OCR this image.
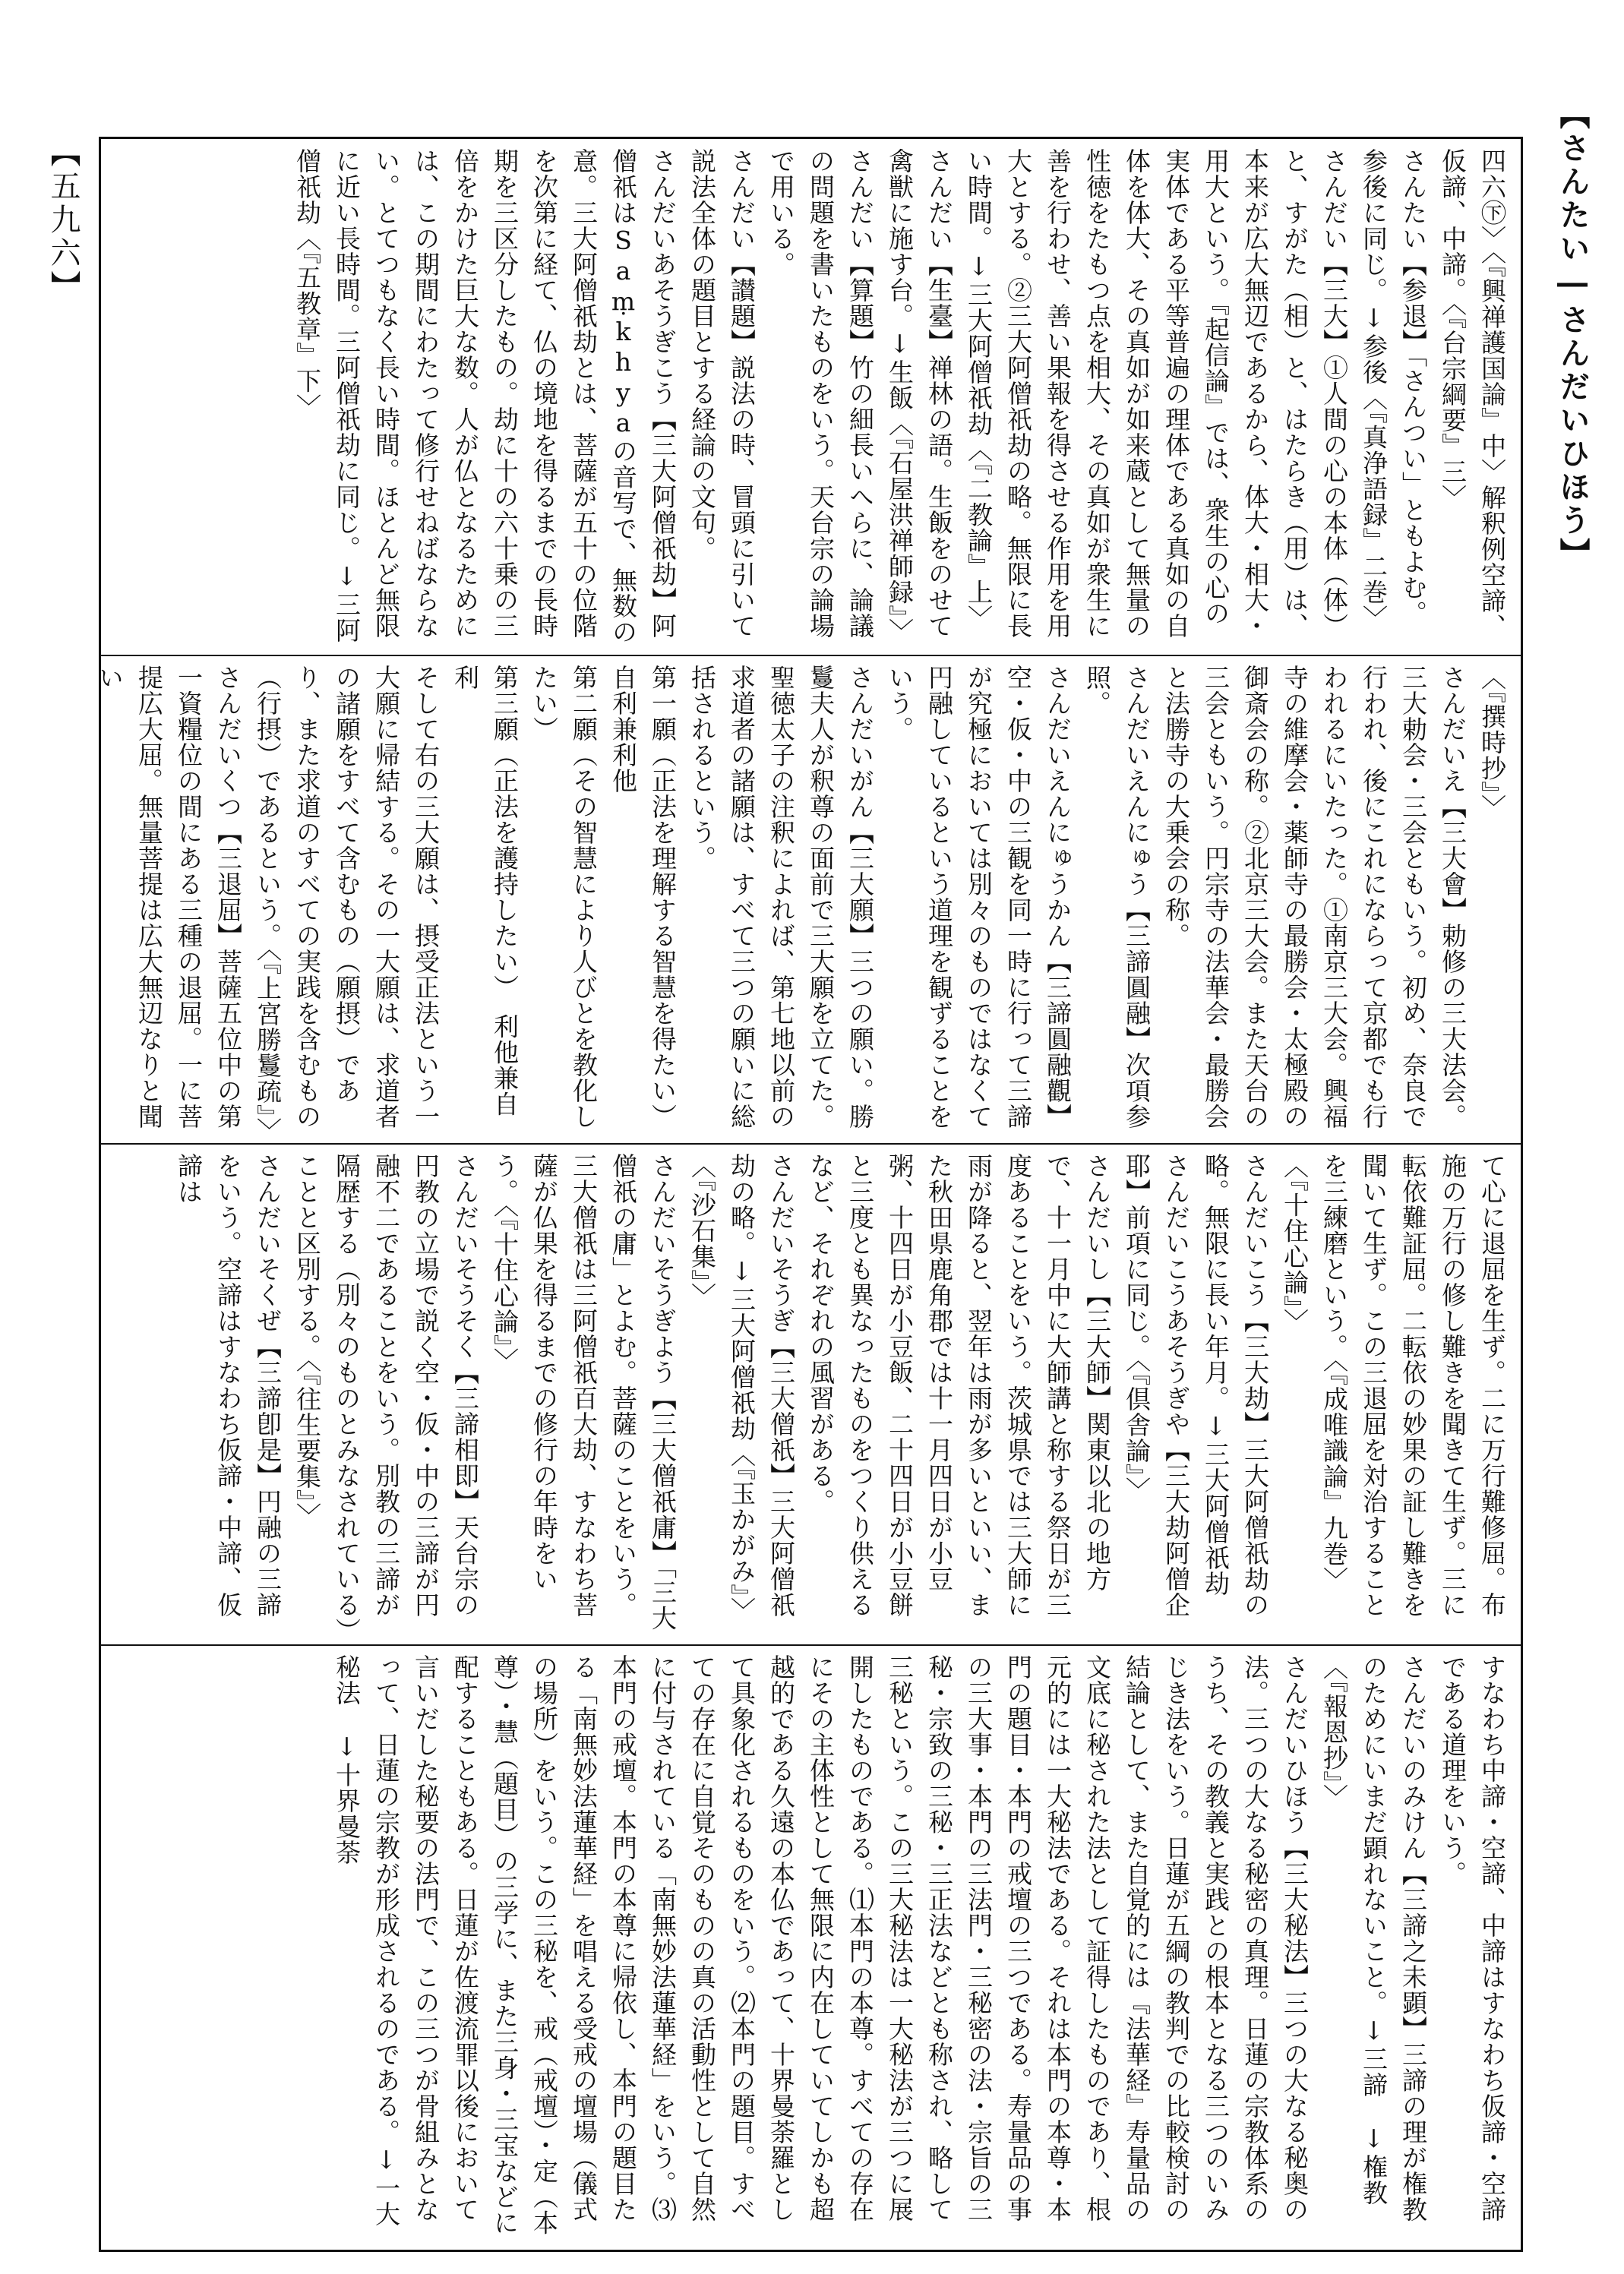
【さんたい―さんだいひほう】
【五九六】	四六㊦〉〈『興禅護国論』中〉解釈例空諦、仮諦、中諦。〈『台宗綱要』三〉

さんたい【参退】「さんつい」ともよむ。参後に同じ。↓参後〈『真浄語録』二巻〉

さんだい【三大】①人間の心の本体（体）と、すがた（相）と、はたらき（用）は、本来が広大無辺であるから、体大・相大・用大という。『起信論』では、衆生の心の実体である平等普遍の理体である真如の自体を体大、その真如が如来蔵として無量の性徳をたもつ点を相大、その真如が衆生に善を行わせ、善い果報を得させる作用を用大とする。②三大阿僧祇劫の略。無限に長い時間。↓三大阿僧祇劫〈『二教論』上〉

さんだい【生臺】禅林の語。生飯をのせて禽獣に施す台。↓生飯〈『石屋洪禅師録』〉

さんだい【算題】竹の細長いへらに、論議の問題を書いたものをいう。天台宗の論場で用いる。

さんだい【讃題】説法の時、冒頭に引いて説法全体の題目とする経論の文句。

さんだいあそうぎこう【三大阿僧祇劫】阿僧祇はSaṃkhyaの音写で、無数の意。三大阿僧祇劫とは、菩薩が五十の位階を次第に経て、仏の境地を得るまでの長時期を三区分したもの。劫に十の六十乗の三倍をかけた巨大な数。人が仏となるためには、この期間にわたって修行せねばならない。とてつもなく長い時間。ほとんど無限に近い長時間。三阿僧祇劫に同じ。↓三阿僧祇劫〈『五教章』下〉

〈『撰時抄』〉

さんだいえ【三大會】勅修の三大法会。三大勅会・三会ともいう。初め、奈良で行われ、後にこれにならって京都でも行われるにいたった。①南京三大会。興福寺の維摩会・薬師寺の最勝会・太極殿の御斎会の称。②北京三大会。また天台の三会ともいう。円宗寺の法華会・最勝会と法勝寺の大乗会の称。

さんだいえんにゅう【三諦圓融】次項参照。

さんだいえんにゅうかん【三諦圓融觀】空・仮・中の三観を同一時に行って三諦が究極においては別々のものではなくて円融しているという道理を観ずることをいう。

さんだいがん【三大願】三つの願い。勝鬘夫人が釈尊の面前で三大願を立てた。聖徳太子の注釈によれば、第七地以前の求道者の諸願は、すべて三つの願いに総括されるという。

第一願（正法を理解する智慧を得たい）　自利兼利他

第二願（その智慧により人びとを教化したい）

第三願（正法を護持したい）　利他兼自利

そして右の三大願は、摂受正法という一大願に帰結する。その一大願は、求道者の諸願をすべて含むもの（願摂）であり、また求道のすべての実践を含むもの（行摂）であるという。〈『上宮勝鬘疏』〉

さんだいくつ【三退屈】菩薩五位中の第一資糧位の間にある三種の退屈。一に菩提広大屈。無量菩提は広大無辺なりと聞い

て心に退屈を生ず。二に万行難修屈。布施の万行の修し難きを聞きて生ず。三に転依難証屈。二転依の妙果の証し難きを聞いて生ず。この三退屈を対治することを三練磨という。〈『成唯識論』九巻〉〈『十住心論』〉

さんだいこう【三大劫】三大阿僧祇劫の略。無限に長い年月。↓三大阿僧祇劫

さんだいこうあそうぎや【三大劫阿僧企耶】前項に同じ。〈『倶舎論』〉

さんだいし【三大師】関東以北の地方で、十一月中に大師講と称する祭日が三度あることをいう。茨城県では三大師に雨が降ると、翌年は雨が多いといい、また秋田県鹿角郡では十一月四日が小豆粥、十四日が小豆飯、二十四日が小豆餅と三度とも異なったものをつくり供えるなど、それぞれの風習がある。

さんだいそうぎ【三大僧祇】三大阿僧祇劫の略。↓三大阿僧祇劫〈『玉かがみ』〉〈『沙石集』〉

さんだいそうぎよう【三大僧祇庸】「三大僧祇の庸」とよむ。菩薩のことをいう。三大僧祇は三阿僧祇百大劫、すなわち菩薩が仏果を得るまでの修行の年時をいう。〈『十住心論』〉

さんだいそうそく【三諦相即】天台宗の円教の立場で説く空・仮・中の三諦が円融不二であることをいう。別教の三諦が隔歴する（別々のものとみなされている）ことと区別する。〈『往生要集』〉

さんだいそくぜ【三諦卽是】円融の三諦をいう。空諦はすなわち仮諦・中諦、仮諦は

すなわち中諦・空諦、中諦はすなわち仮諦・空諦である道理をいう。

さんだいのみけん【三諦之未顕】三諦の理が権教のためにいまだ顕れないこと。↓三諦　↓権教〈『報恩抄』〉

さんだいひほう【三大秘法】三つの大なる秘奥の法。三つの大なる秘密の真理。日蓮の宗教体系のうち、その教義と実践との根本となる三つのいみじき法をいう。日蓮が五綱の教判での比較検討の結論として、また自覚的には『法華経』寿量品の文底に秘された法として証得したものであり、根元的には一大秘法である。それは本門の本尊・本門の題目・本門の戒壇の三つである。寿量品の事の三大事・本門の三法門・三秘密の法・宗旨の三秘・宗致の三秘・三正法などとも称され、略して三秘という。この三大秘法は一大秘法が三つに展開したものである。⑴本門の本尊。すべての存在にその主体性として無限に内在していてしかも超越的である久遠の本仏であって、十界曼荼羅として具象化されるものをいう。⑵本門の題目。すべての存在に自覚そのものの真の活動性として自然に付与されている「南無妙法蓮華経」をいう。⑶本門の戒壇。本門の本尊に帰依し、本門の題目たる「南無妙法蓮華経」を唱える受戒の壇場（儀式の場所）をいう。この三秘を、戒（戒壇）・定（本尊）・慧（題目）の三学に、また三身・三宝などに配することもある。日蓮が佐渡流罪以後において言いだした秘要の法門で、この三つが骨組みとなって、日蓮の宗教が形成されるのである。↓一大秘法　↓十界曼荼
